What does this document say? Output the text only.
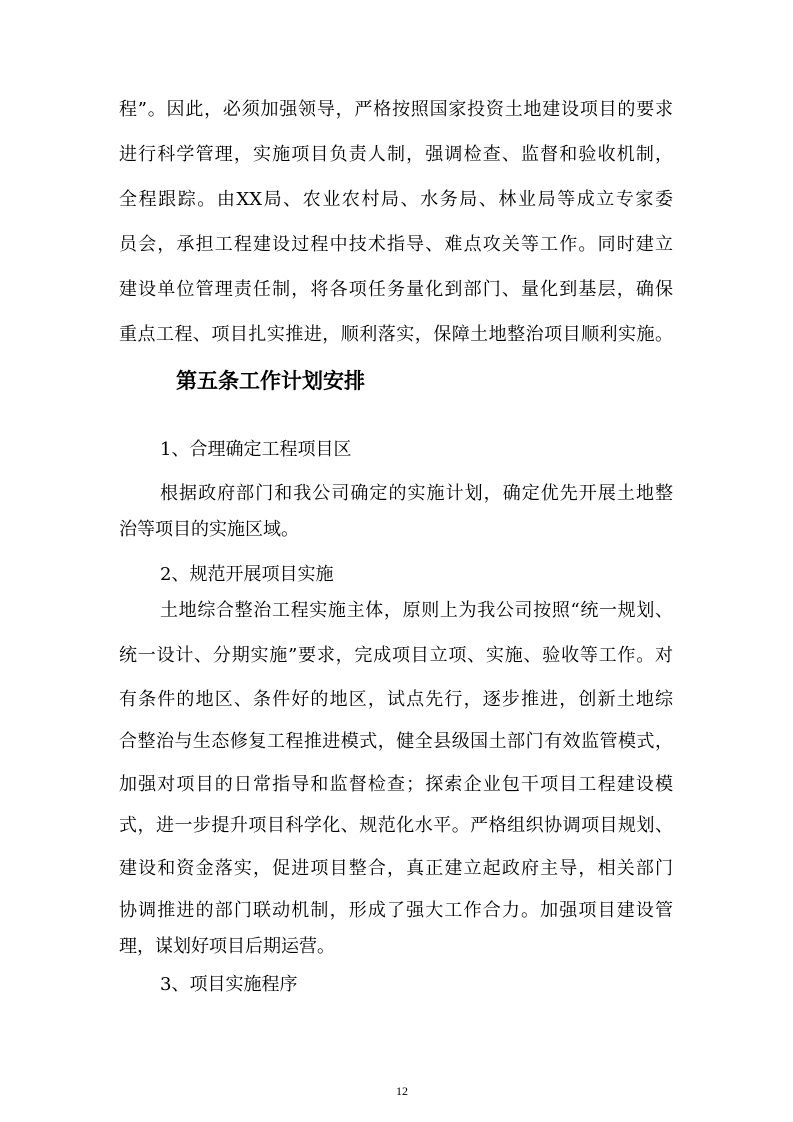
程”。因此，必须加强领导，严格按照国家投资土地建设项目的要求
进行科学管理，实施项目负责人制，强调检查、监督和验收机制，
全程跟踪。由XX局、农业农村局、水务局、林业局等成立专家委
员会，承担工程建设过程中技术指导、难点攻关等工作。同时建立
建设单位管理责任制，将各项任务量化到部门、量化到基层，确保
重点工程、项目扎实推进，顺利落实，保障土地整治项目顺利实施。
第五条工作计划安排
1、合理确定工程项目区
根据政府部门和我公司确定的实施计划，确定优先开展土地整
治等项目的实施区域。
2、规范开展项目实施
土地综合整治工程实施主体，原则上为我公司按照“统一规划、
统一设计、分期实施”要求，完成项目立项、实施、验收等工作。对
有条件的地区、条件好的地区，试点先行，逐步推进，创新土地综
合整治与生态修复工程推进模式，健全县级国土部门有效监管模式，
加强对项目的日常指导和监督检查；探索企业包干项目工程建设模
式，进一步提升项目科学化、规范化水平。严格组织协调项目规划、
建设和资金落实，促进项目整合，真正建立起政府主导，相关部门
协调推进的部门联动机制，形成了强大工作合力。加强项目建设管
理，谋划好项目后期运营。
3、项目实施程序
12
